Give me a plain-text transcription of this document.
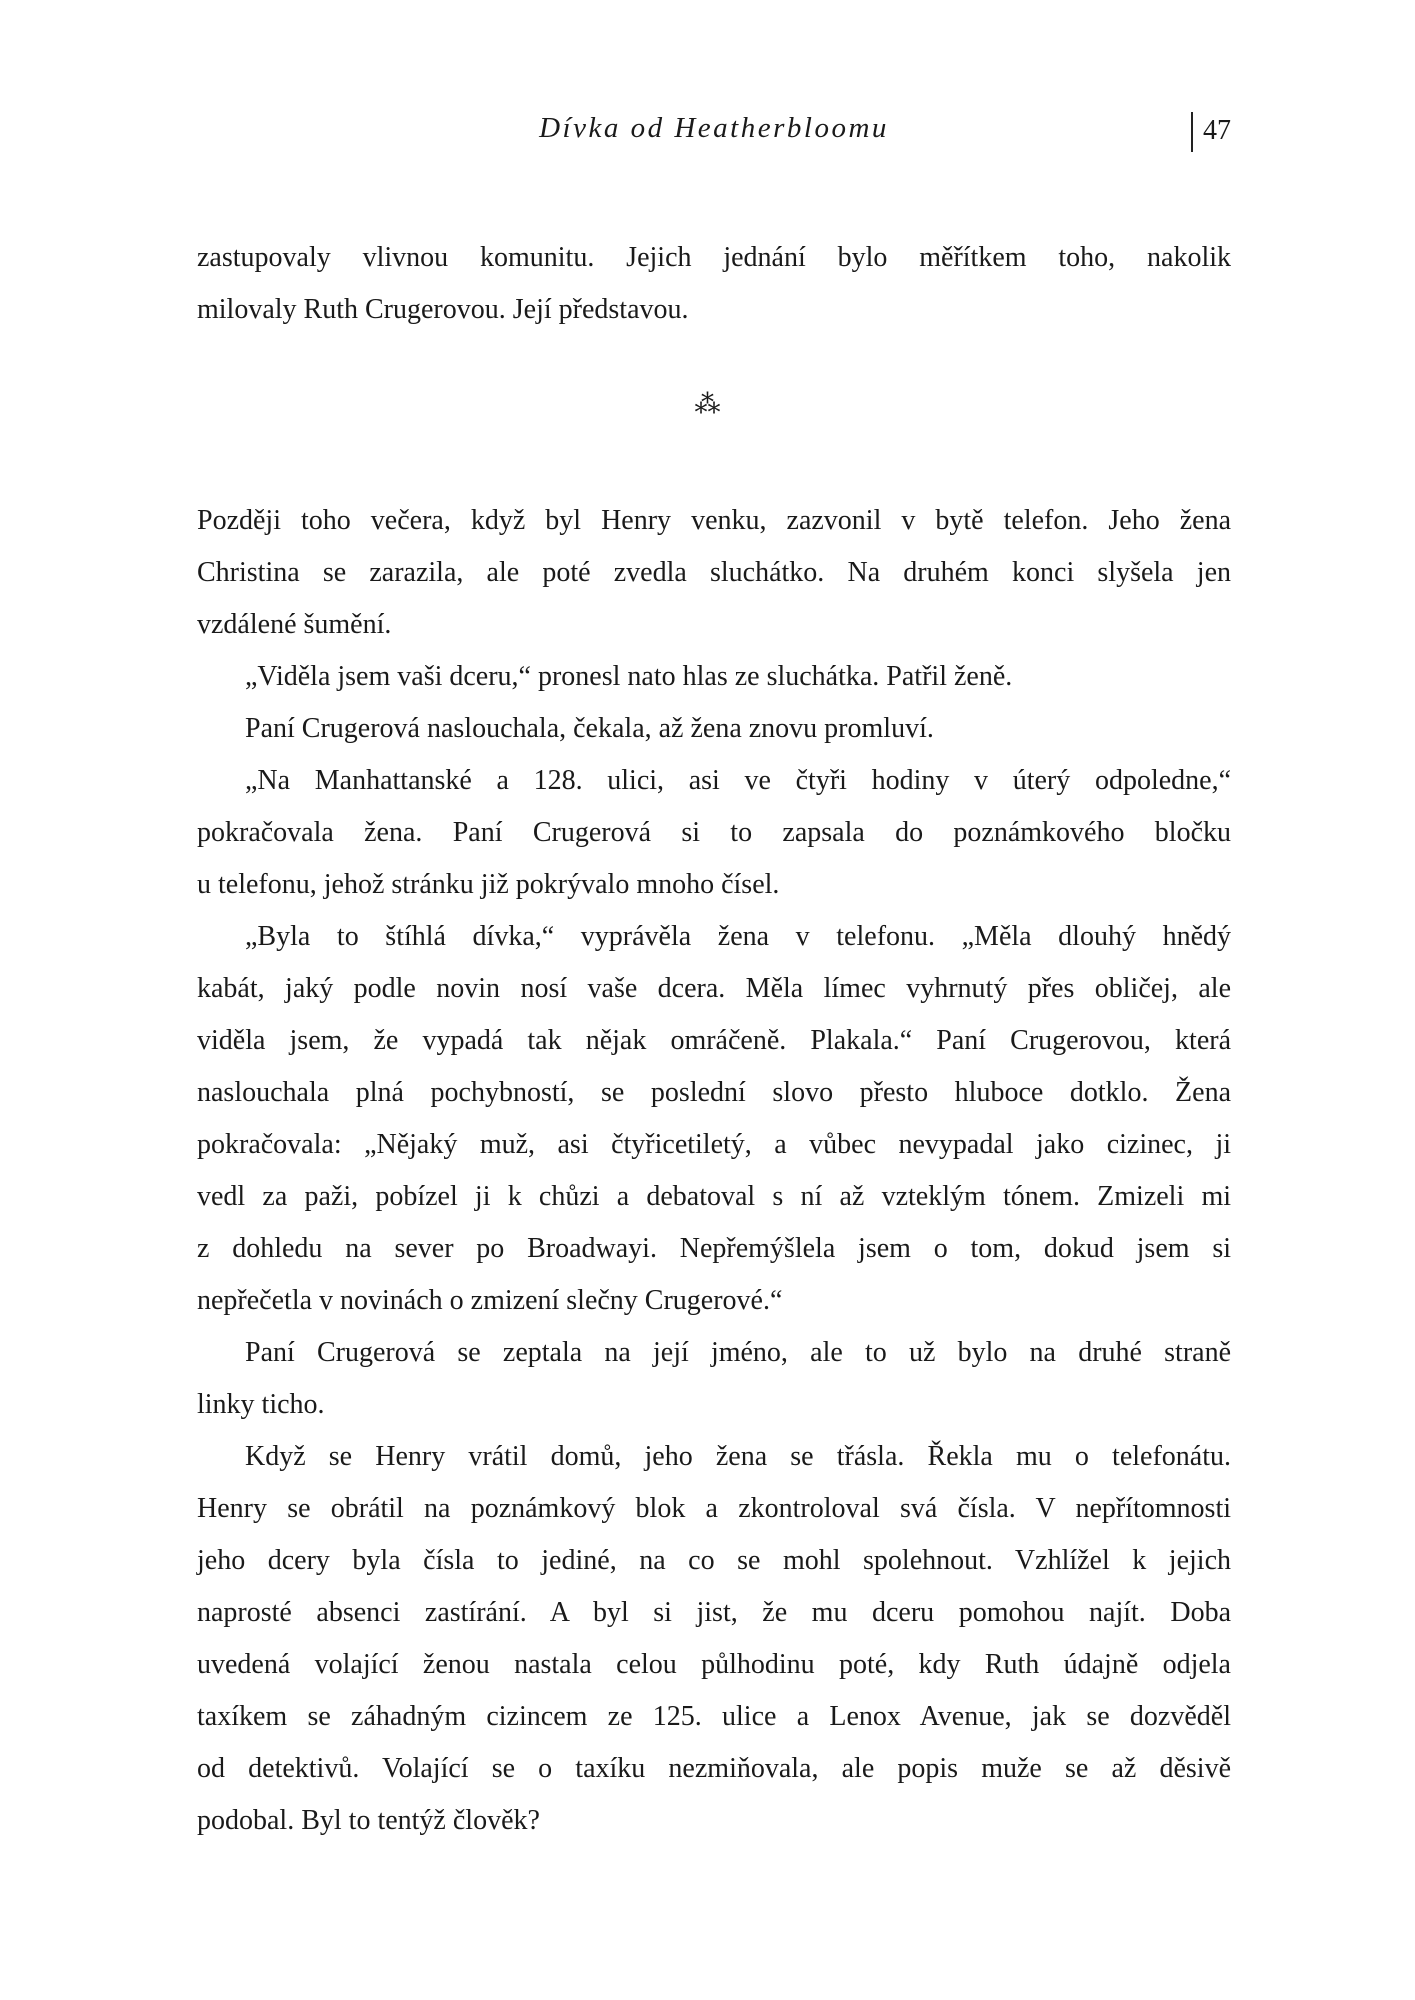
Dívka od Heatherbloomu	47
zastupovaly vlivnou komunitu. Jejich jednání bylo měřítkem toho, nakolik
milovaly Ruth Crugerovou. Její představou.
⁂
Později toho večera, když byl Henry venku, zazvonil v bytě telefon. Jeho žena
Christina se zarazila, ale poté zvedla sluchátko. Na druhém konci slyšela jen
vzdálené šumění.
„Viděla jsem vaši dceru,“ pronesl nato hlas ze sluchátka. Patřil ženě.
Paní Crugerová naslouchala, čekala, až žena znovu promluví.
„Na Manhattanské a 128. ulici, asi ve čtyři hodiny v úterý odpoledne,“
pokračovala žena. Paní Crugerová si to zapsala do poznámkového bločku
u telefonu, jehož stránku již pokrývalo mnoho čísel.
„Byla to štíhlá dívka,“ vyprávěla žena v telefonu. „Měla dlouhý hnědý
kabát, jaký podle novin nosí vaše dcera. Měla límec vyhrnutý přes obličej, ale
viděla jsem, že vypadá tak nějak omráčeně. Plakala.“ Paní Crugerovou, která
naslouchala plná pochybností, se poslední slovo přesto hluboce dotklo. Žena
pokračovala: „Nějaký muž, asi čtyřicetiletý, a vůbec nevypadal jako cizinec, ji
vedl za paži, pobízel ji k chůzi a debatoval s ní až vzteklým tónem. Zmizeli mi
z dohledu na sever po Broadwayi. Nepřemýšlela jsem o tom, dokud jsem si
nepřečetla v novinách o zmizení slečny Crugerové.“
Paní Crugerová se zeptala na její jméno, ale to už bylo na druhé straně
linky ticho.
Když se Henry vrátil domů, jeho žena se třásla. Řekla mu o telefonátu.
Henry se obrátil na poznámkový blok a zkontroloval svá čísla. V nepřítomnosti
jeho dcery byla čísla to jediné, na co se mohl spolehnout. Vzhlížel k jejich
naprosté absenci zastírání. A byl si jist, že mu dceru pomohou najít. Doba
uvedená volající ženou nastala celou půlhodinu poté, kdy Ruth údajně odjela
taxíkem se záhadným cizincem ze 125. ulice a Lenox Avenue, jak se dozvěděl
od detektivů. Volající se o taxíku nezmiňovala, ale popis muže se až děsivě
podobal. Byl to tentýž člověk?
